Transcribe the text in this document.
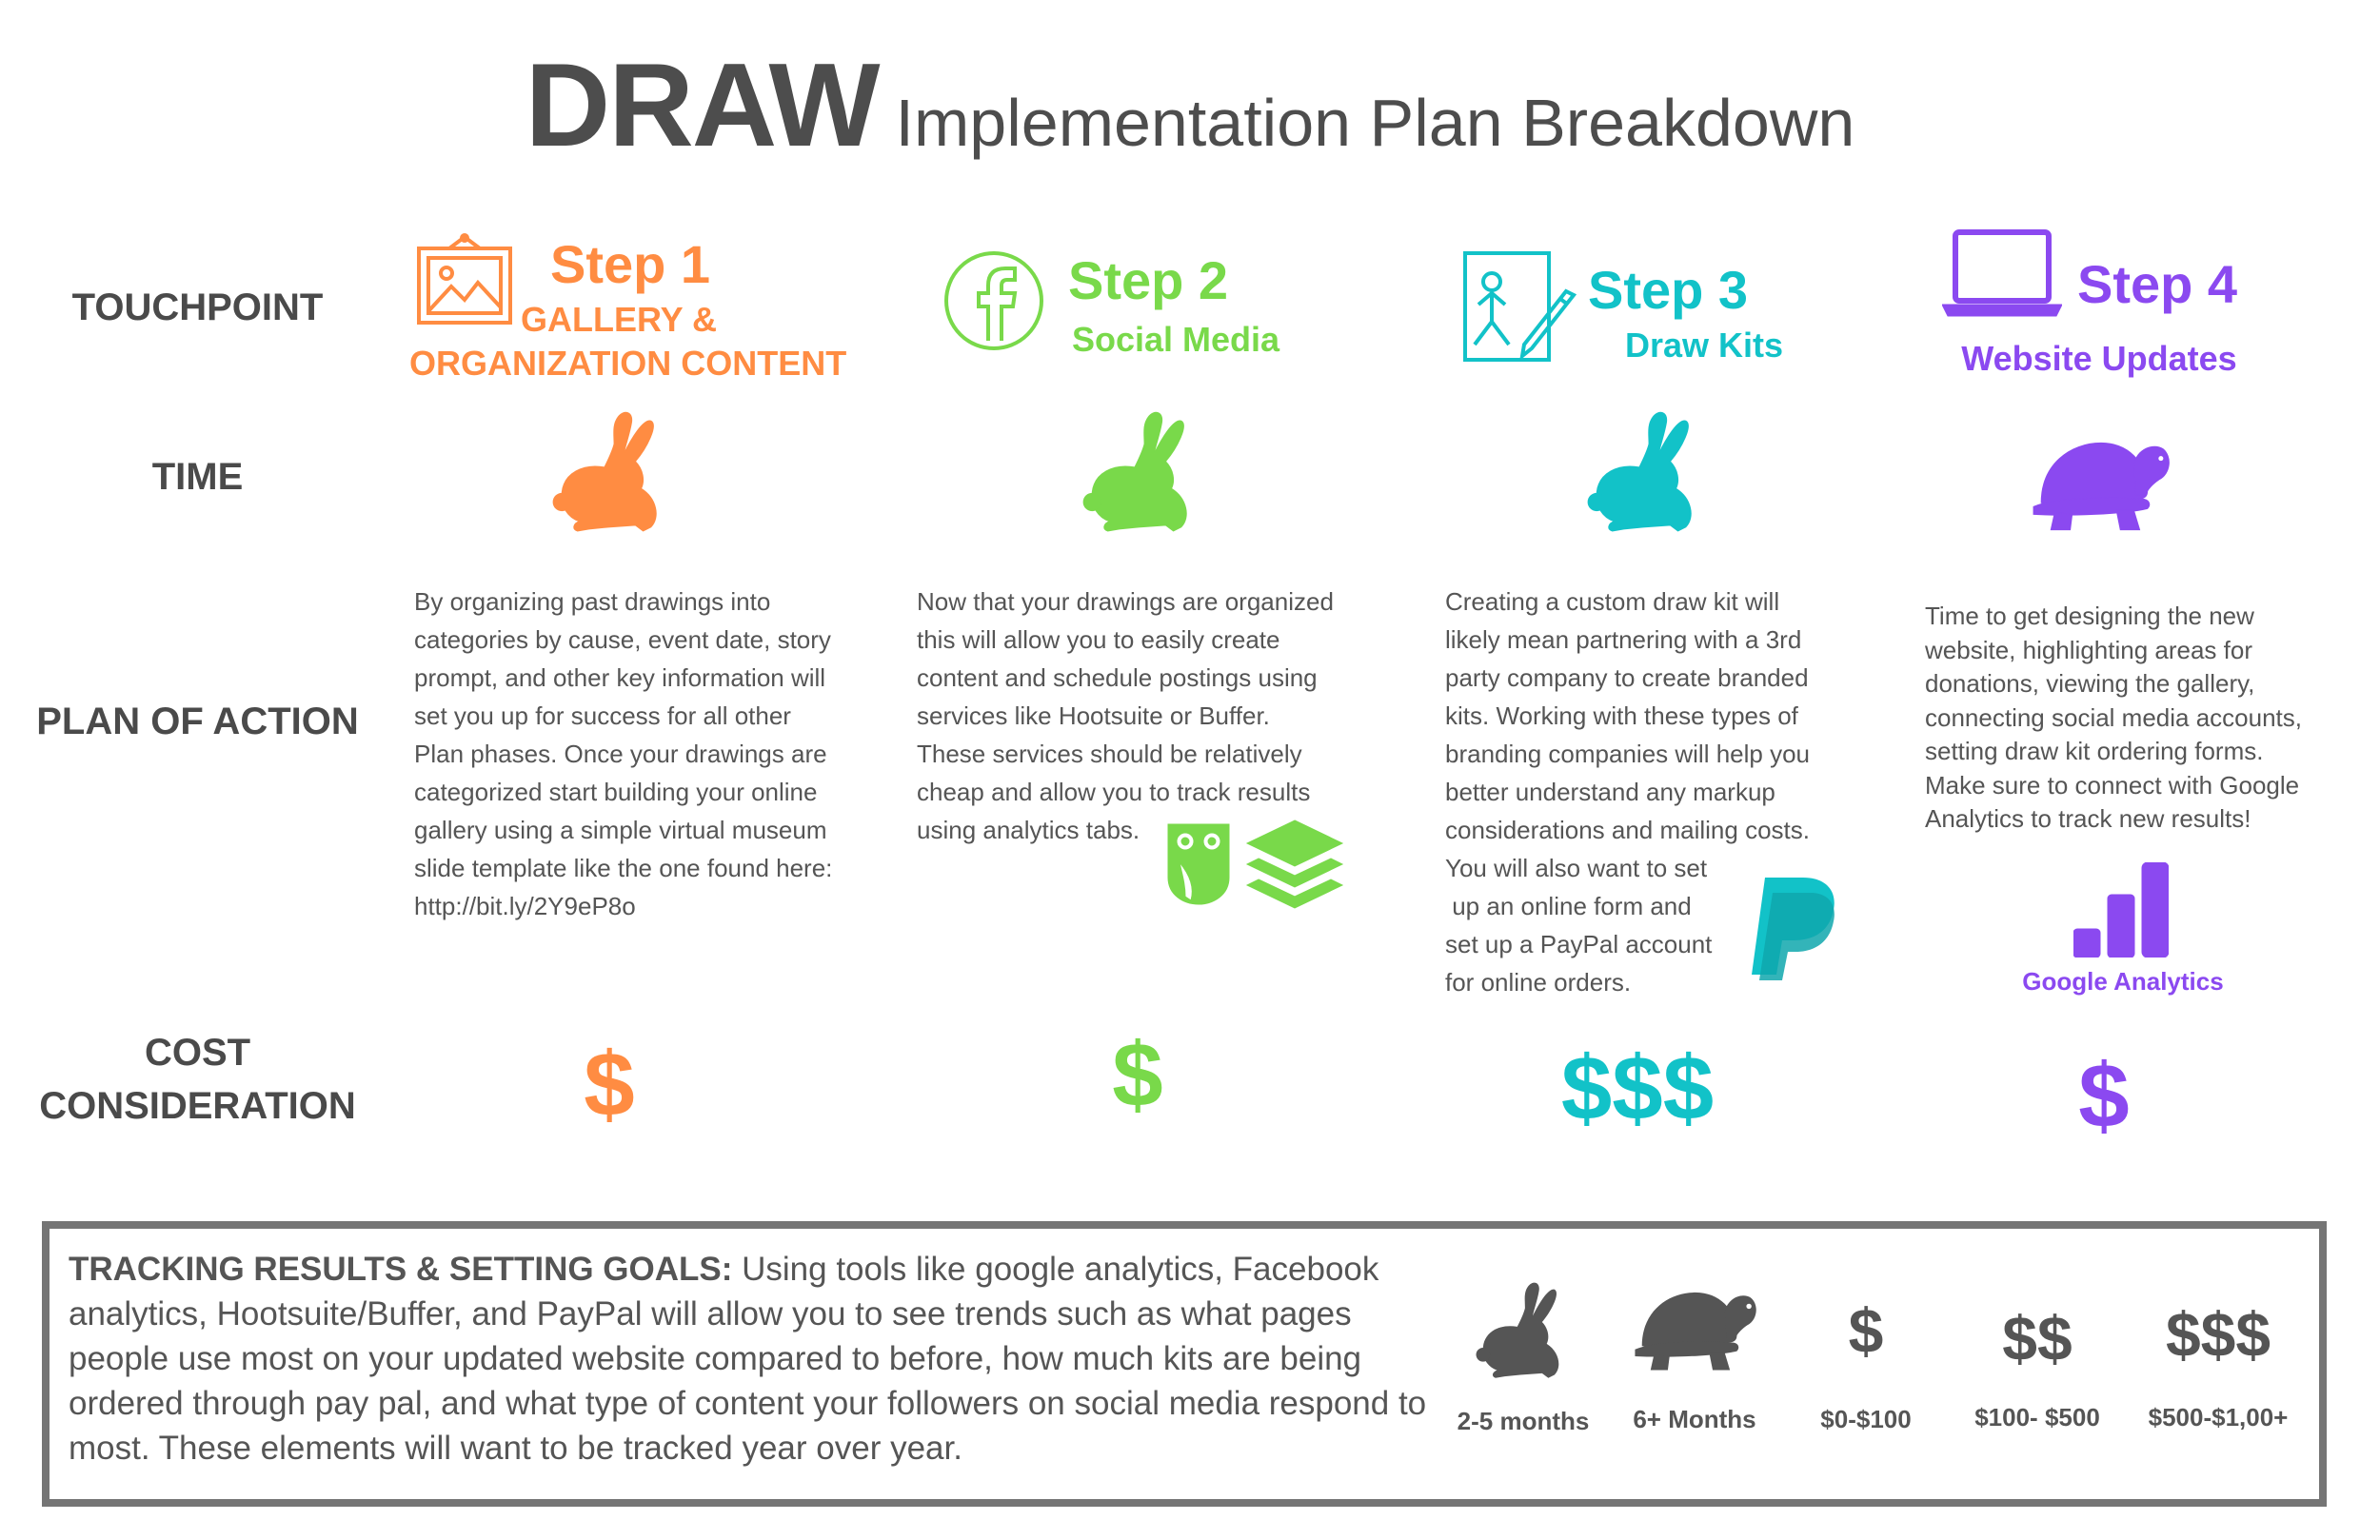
DRAW Implementation Plan Breakdown
TOUCHPOINT
TIME
PLAN OF ACTION
COST
CONSIDERATION
Step 1
GALLERY &
ORGANIZATION CONTENT
By organizing past drawings into
categories by cause, event date, story
prompt, and other key information will
set you up for success for all other
Plan phases. Once your drawings are
categorized start building your online
gallery using a simple virtual museum
slide template like the one found here:
http://bit.ly/2Y9eP8o
$
Step 2
Social Media
Now that your drawings are organized
this will allow you to easily create
content and schedule postings using
services like Hootsuite or Buffer.
These services should be relatively
cheap and allow you to track results
using analytics tabs.
$
Step 3
Draw Kits
Creating a custom draw kit will
likely mean partnering with a 3rd
party company to create branded
kits. Working with these types of
branding companies will help you
better understand any markup
considerations and mailing costs.
You will also want to set
up an online form and
set up a PayPal account
for online orders.
$$$
Step 4
Website Updates
Time to get designing the new
website, highlighting areas for
donations, viewing the gallery,
connecting social media accounts,
setting draw kit ordering forms.
Make sure to connect with Google
Analytics to track new results!
Google Analytics
$
TRACKING RESULTS & SETTING GOALS: Using tools like google analytics, Facebook analytics, Hootsuite/Buffer, and PayPal will allow you to see trends such as what pages people use most on your updated website compared to before, how much kits are being ordered through pay pal, and what type of content your followers on social media respond to most. These elements will want to be tracked year over year.
2-5 months	6+ Months
$
$0-$100
$$
$100- $500
$$$
$500-$1,00+
